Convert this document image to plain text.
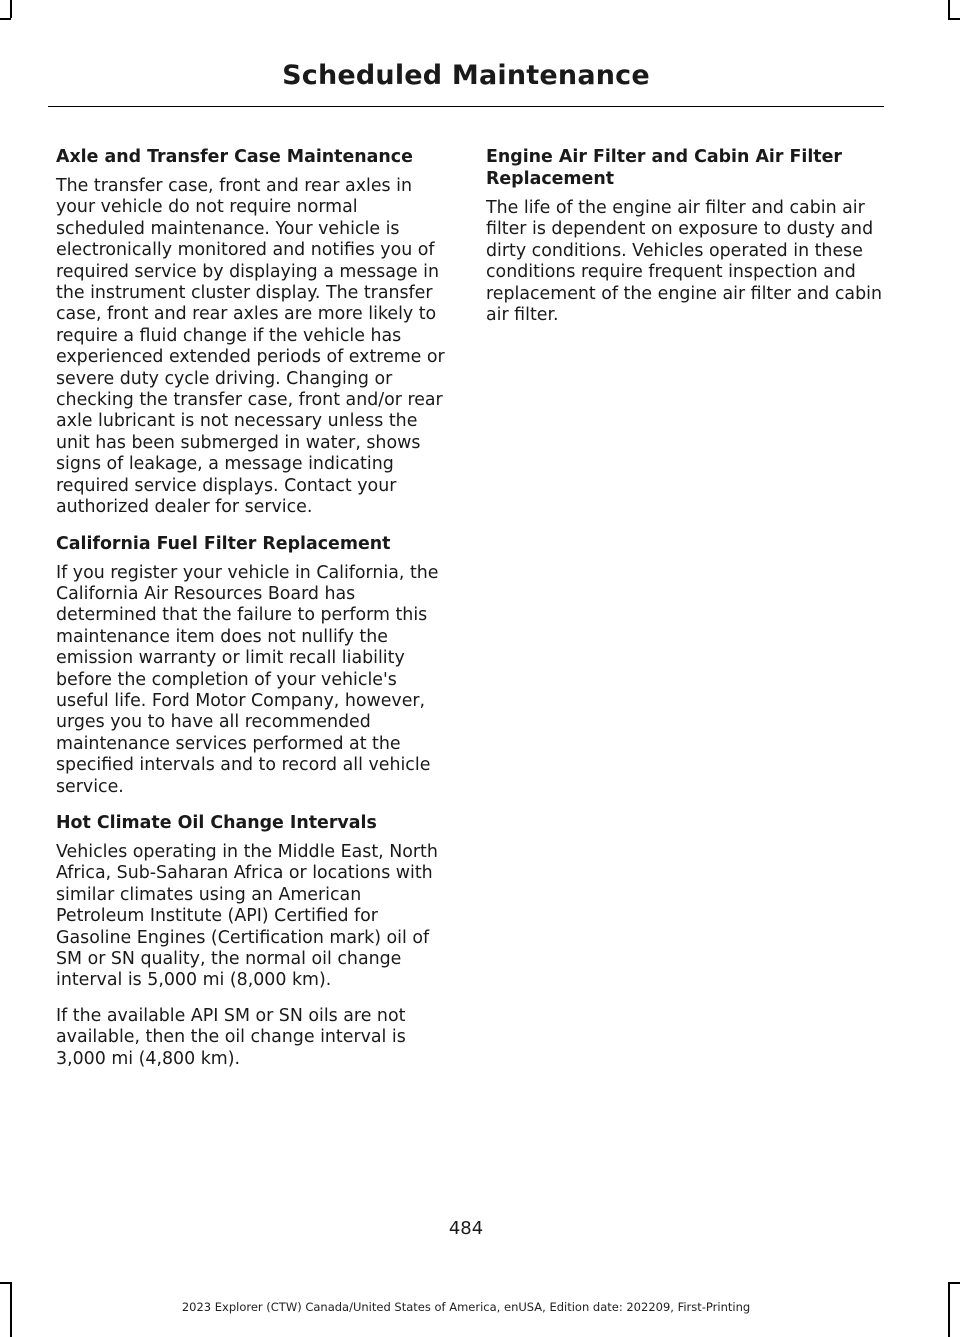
Scheduled Maintenance
Axle and Transfer Case Maintenance
The transfer case, front and rear axles in your vehicle do not require normal scheduled maintenance. Your vehicle is electronically monitored and notifies you of required service by displaying a message in the instrument cluster display. The transfer case, front and rear axles are more likely to require a fluid change if the vehicle has experienced extended periods of extreme or severe duty cycle driving. Changing or checking the transfer case, front and/or rear axle lubricant is not necessary unless the unit has been submerged in water, shows signs of leakage, a message indicating required service displays. Contact your authorized dealer for service.
California Fuel Filter Replacement
If you register your vehicle in California, the California Air Resources Board has determined that the failure to perform this maintenance item does not nullify the emission warranty or limit recall liability before the completion of your vehicle's useful life. Ford Motor Company, however, urges you to have all recommended maintenance services performed at the specified intervals and to record all vehicle service.
Hot Climate Oil Change Intervals
Vehicles operating in the Middle East, North Africa, Sub-Saharan Africa or locations with similar climates using an American Petroleum Institute (API) Certified for Gasoline Engines (Certification mark) oil of SM or SN quality, the normal oil change interval is 5,000 mi (8,000 km).
If the available API SM or SN oils are not available, then the oil change interval is 3,000 mi (4,800 km).
Engine Air Filter and Cabin Air Filter Replacement
The life of the engine air filter and cabin air filter is dependent on exposure to dusty and dirty conditions. Vehicles operated in these conditions require frequent inspection and replacement of the engine air filter and cabin air filter.
484
2023 Explorer (CTW) Canada/United States of America, enUSA, Edition date: 202209, First-Printing
